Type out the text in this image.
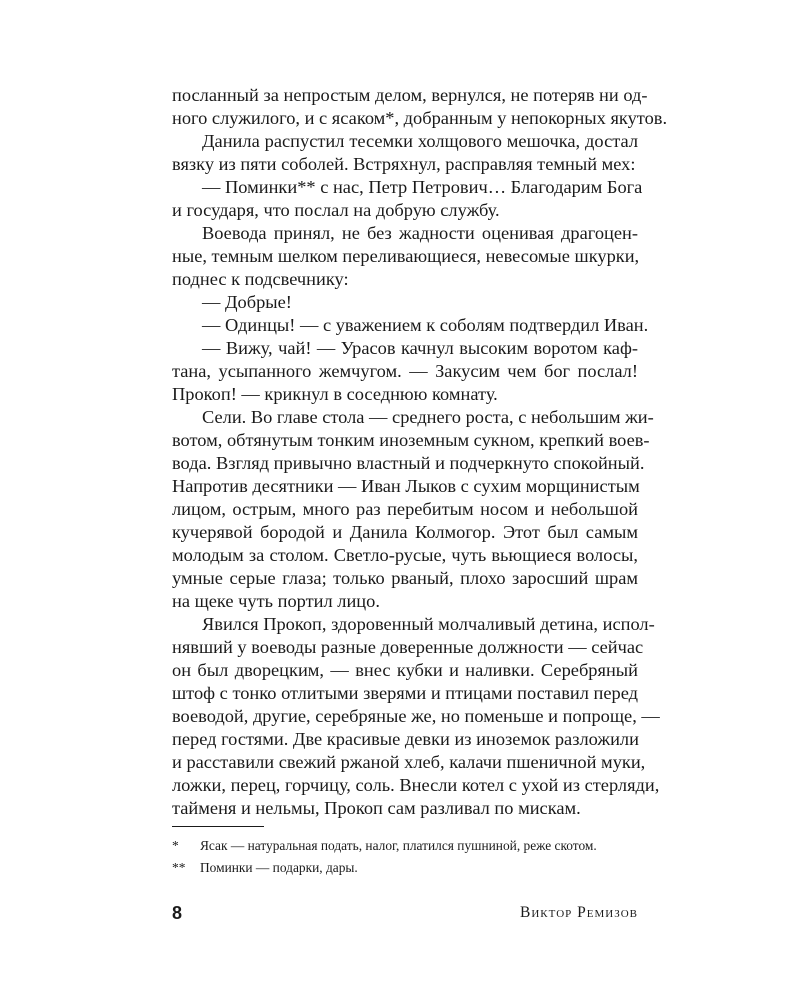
посланный за непростым делом, вернулся, не потеряв ни од-
ного служилого, и с ясаком*, добранным у непокорных якутов.
Данила распустил тесемки холщового мешочка, достал
вязку из пяти соболей. Встряхнул, расправляя темный мех:
— Поминки** с нас, Петр Петрович… Благодарим Бога
и государя, что послал на добрую службу.
Воевода принял, не без жадности оценивая драгоцен-
ные, темным шелком переливающиеся, невесомые шкурки,
поднес к подсвечнику:
— Добрые!
— Одинцы! — с уважением к соболям подтвердил Иван.
— Вижу, чай! — Урасов качнул высоким воротом каф-
тана, усыпанного жемчугом. — Закусим чем бог послал!
Прокоп! — крикнул в соседнюю комнату.
Сели. Во главе стола — среднего роста, с небольшим жи-
вотом, обтянутым тонким иноземным сукном, крепкий воев-
вода. Взгляд привычно властный и подчеркнуто спокойный.
Напротив десятники — Иван Лыков с сухим морщинистым
лицом, острым, много раз перебитым носом и небольшой
кучерявой бородой и Данила Колмогор. Этот был самым
молодым за столом. Светло-русые, чуть вьющиеся волосы,
умные серые глаза; только рваный, плохо заросший шрам
на щеке чуть портил лицо.
Явился Прокоп, здоровенный молчаливый детина, испол-
нявший у воеводы разные доверенные должности — сейчас
он был дворецким, — внес кубки и наливки. Серебряный
штоф с тонко отлитыми зверями и птицами поставил перед
воеводой, другие, серебряные же, но поменьше и попроще, —
перед гостями. Две красивые девки из иноземок разложили
и расставили свежий ржаной хлеб, калачи пшеничной муки,
ложки, перец, горчицу, соль. Внесли котел с ухой из стерляди,
тайменя и нельмы, Прокоп сам разливал по мискам.
*	Ясак — натуральная подать, налог, платился пушниной, реже скотом.
**	Поминки — подарки, дары.
8	Виктор Ремизов
